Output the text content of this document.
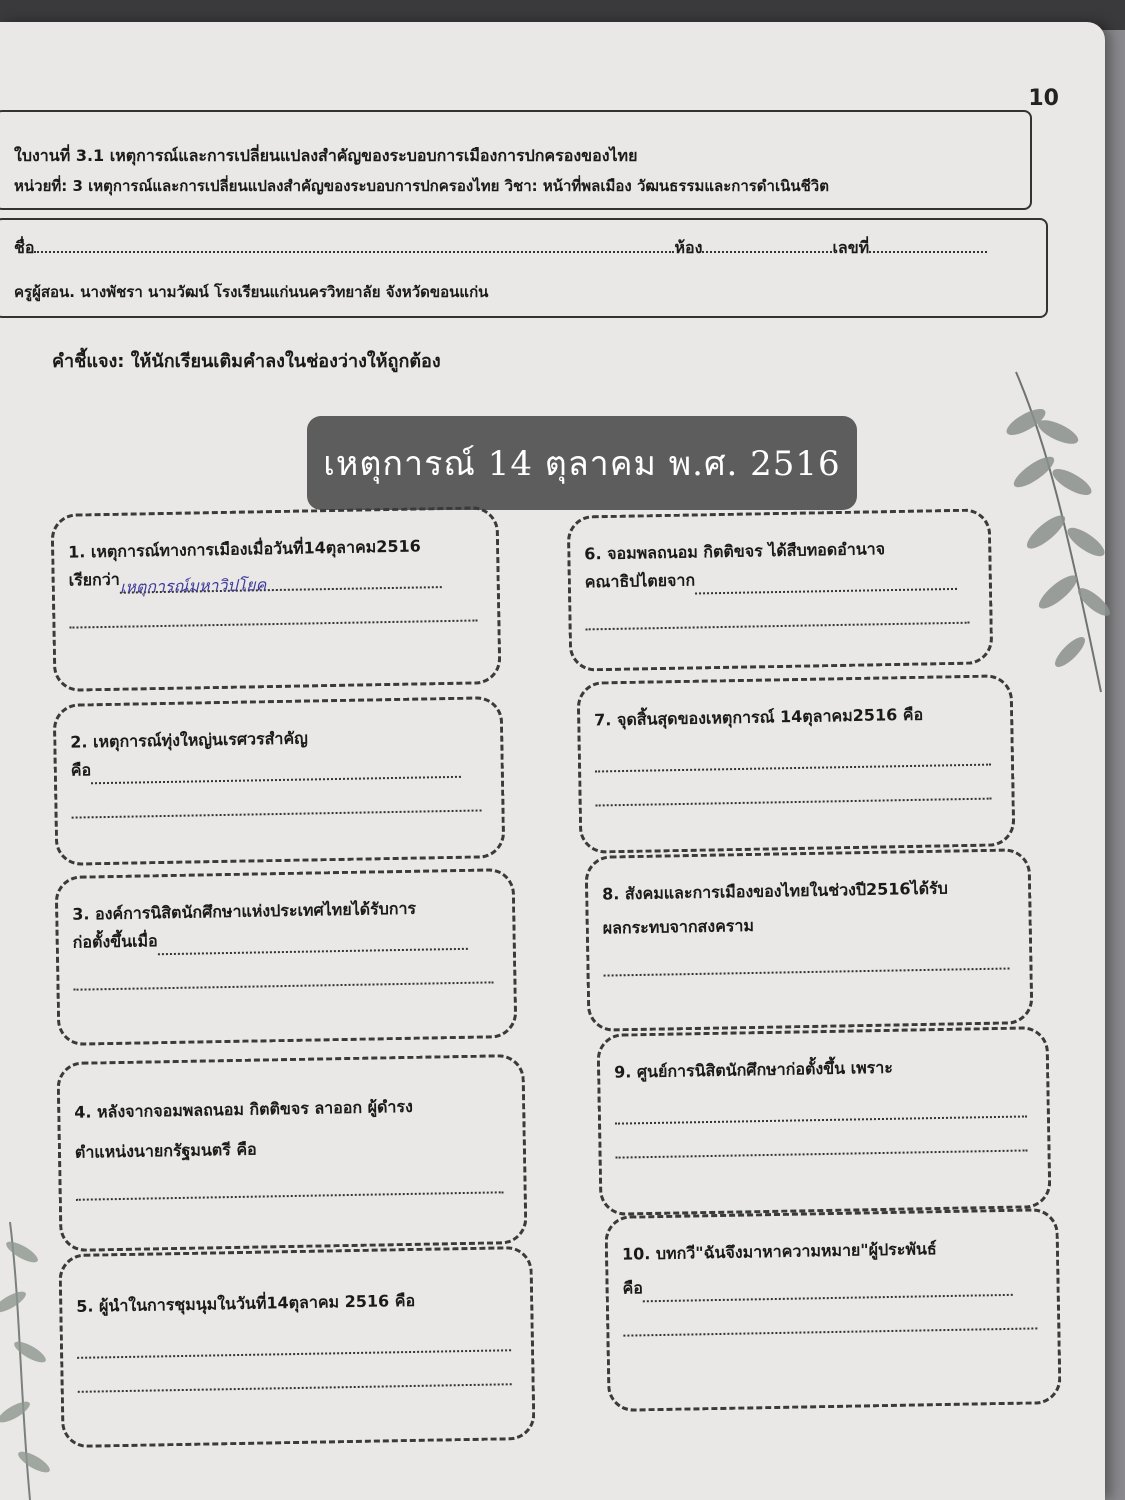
10
ใบงานที่ 3.1 เหตุการณ์และการเปลี่ยนแปลงสำคัญของระบอบการเมืองการปกครองของไทย
หน่วยที่: 3 เหตุการณ์และการเปลี่ยนแปลงสำคัญของระบอบการปกครองไทย วิชา: หน้าที่พลเมือง วัฒนธรรมและการดำเนินชีวิต
ชื่อ	ห้อง	เลขที่
ครูผู้สอน. นางพัชรา นามวัฒน์ โรงเรียนแก่นนครวิทยาลัย จังหวัดขอนแก่น
คำชี้แจง: ให้นักเรียนเติมคำลงในช่องว่างให้ถูกต้อง
เหตุการณ์ 14 ตุลาคม พ.ศ. 2516
1. เหตุการณ์ทางการเมืองเมื่อวันที่14ตุลาคม2516
เรียกว่าเหตุการณ์มหาวิปโยค
2. เหตุการณ์ทุ่งใหญ่นเรศวรสำคัญ
คือ
3. องค์การนิสิตนักศึกษาแห่งประเทศไทยได้รับการ
ก่อตั้งขึ้นเมื่อ
4. หลังจากจอมพลถนอม กิตติขจร ลาออก ผู้ดำรง
ตำแหน่งนายกรัฐมนตรี คือ
5. ผู้นำในการชุมนุมในวันที่14ตุลาคม 2516 คือ
6. จอมพลถนอม กิตติขจร ได้สืบทอดอำนาจ
คณาธิปไตยจาก
7. จุดสิ้นสุดของเหตุการณ์ 14ตุลาคม2516 คือ
8. สังคมและการเมืองของไทยในช่วงปี2516ได้รับ
ผลกระทบจากสงคราม
9. ศูนย์การนิสิตนักศึกษาก่อตั้งขึ้น เพราะ
10. บทกวี"ฉันจึงมาหาความหมาย"ผู้ประพันธ์
คือ
